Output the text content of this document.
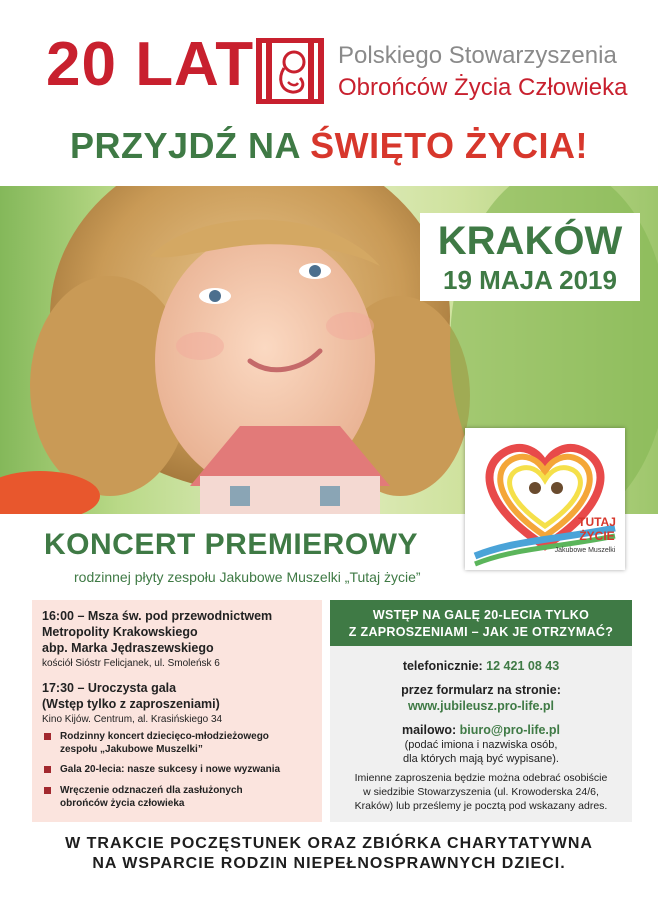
20 LAT	Polskiego Stowarzyszenia
Obrońców Życia Człowieka
PRZYJDŹ NA ŚWIĘTO ŻYCIA!
KRAKÓW
19 MAJA 2019
TUTAJ
ŻYCIE
Jakubowe Muszelki
KONCERT PREMIEROWY
rodzinnej płyty zespołu Jakubowe Muszelki „Tutaj życie”
16:00 – Msza św. pod przewodnictwem
Metropolity Krakowskiego
abp. Marka Jędraszewskiego
kościół Sióstr Felicjanek, ul. Smoleńsk 6
17:30 – Uroczysta gala
(Wstęp tylko z zaproszeniami)
Kino Kijów. Centrum, al. Krasińskiego 34
Rodzinny koncert dziecięco-młodzieżowego
zespołu „Jakubowe Muszelki”
Gala 20-lecia: nasze sukcesy i nowe wyzwania
Wręczenie odznaczeń dla zasłużonych
obrońców życia człowieka
WSTĘP NA GALĘ 20-LECIA TYLKO
Z ZAPROSZENIAMI – JAK JE OTRZYMAĆ?
telefonicznie: 12 421 08 43
przez formularz na stronie:
www.jubileusz.pro-life.pl
mailowo: biuro@pro-life.pl
(podać imiona i nazwiska osób,
dla których mają być wypisane).
Imienne zaproszenia będzie można odebrać osobiście
w siedzibie Stowarzyszenia (ul. Krowoderska 24/6,
Kraków) lub prześlemy je pocztą pod wskazany adres.
W TRAKCIE POCZĘSTUNEK ORAZ ZBIÓRKA CHARYTATYWNA
NA WSPARCIE RODZIN NIEPEŁNOSPRAWNYCH DZIECI.
